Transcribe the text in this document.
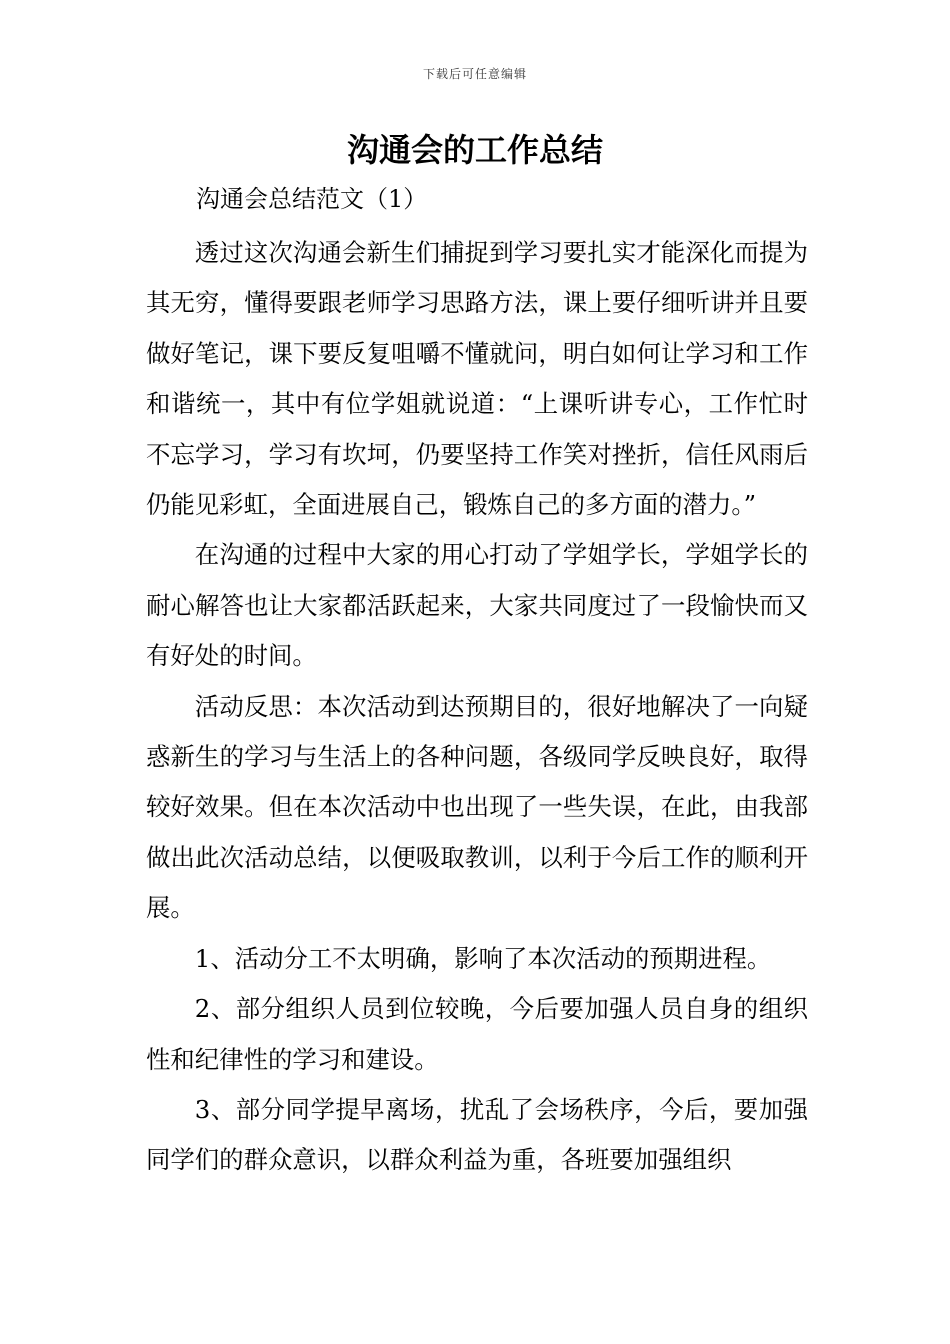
下载后可任意编辑
沟通会的工作总结
沟通会总结范文（1）

透过这次沟通会新生们捕捉到学习要扎实才能深化而提为其无穷，懂得要跟老师学习思路方法，课上要仔细听讲并且要做好笔记，课下要反复咀嚼不懂就问，明白如何让学习和工作和谐统一，其中有位学姐就说道：“上课听讲专心，工作忙时不忘学习，学习有坎坷，仍要坚持工作笑对挫折，信任风雨后仍能见彩虹，全面进展自己，锻炼自己的多方面的潜力。”

在沟通的过程中大家的用心打动了学姐学长，学姐学长的耐心解答也让大家都活跃起来，大家共同度过了一段愉快而又有好处的时间。

活动反思：本次活动到达预期目的，很好地解决了一向疑惑新生的学习与生活上的各种问题，各级同学反映良好，取得较好效果。但在本次活动中也出现了一些失误，在此，由我部做出此次活动总结，以便吸取教训，以利于今后工作的顺利开展。

1、活动分工不太明确，影响了本次活动的预期进程。

2、部分组织人员到位较晚，今后要加强人员自身的组织性和纪律性的学习和建设。

3、部分同学提早离场，扰乱了会场秩序，今后，要加强同学们的群众意识，以群众利益为重，各班要加强组织
